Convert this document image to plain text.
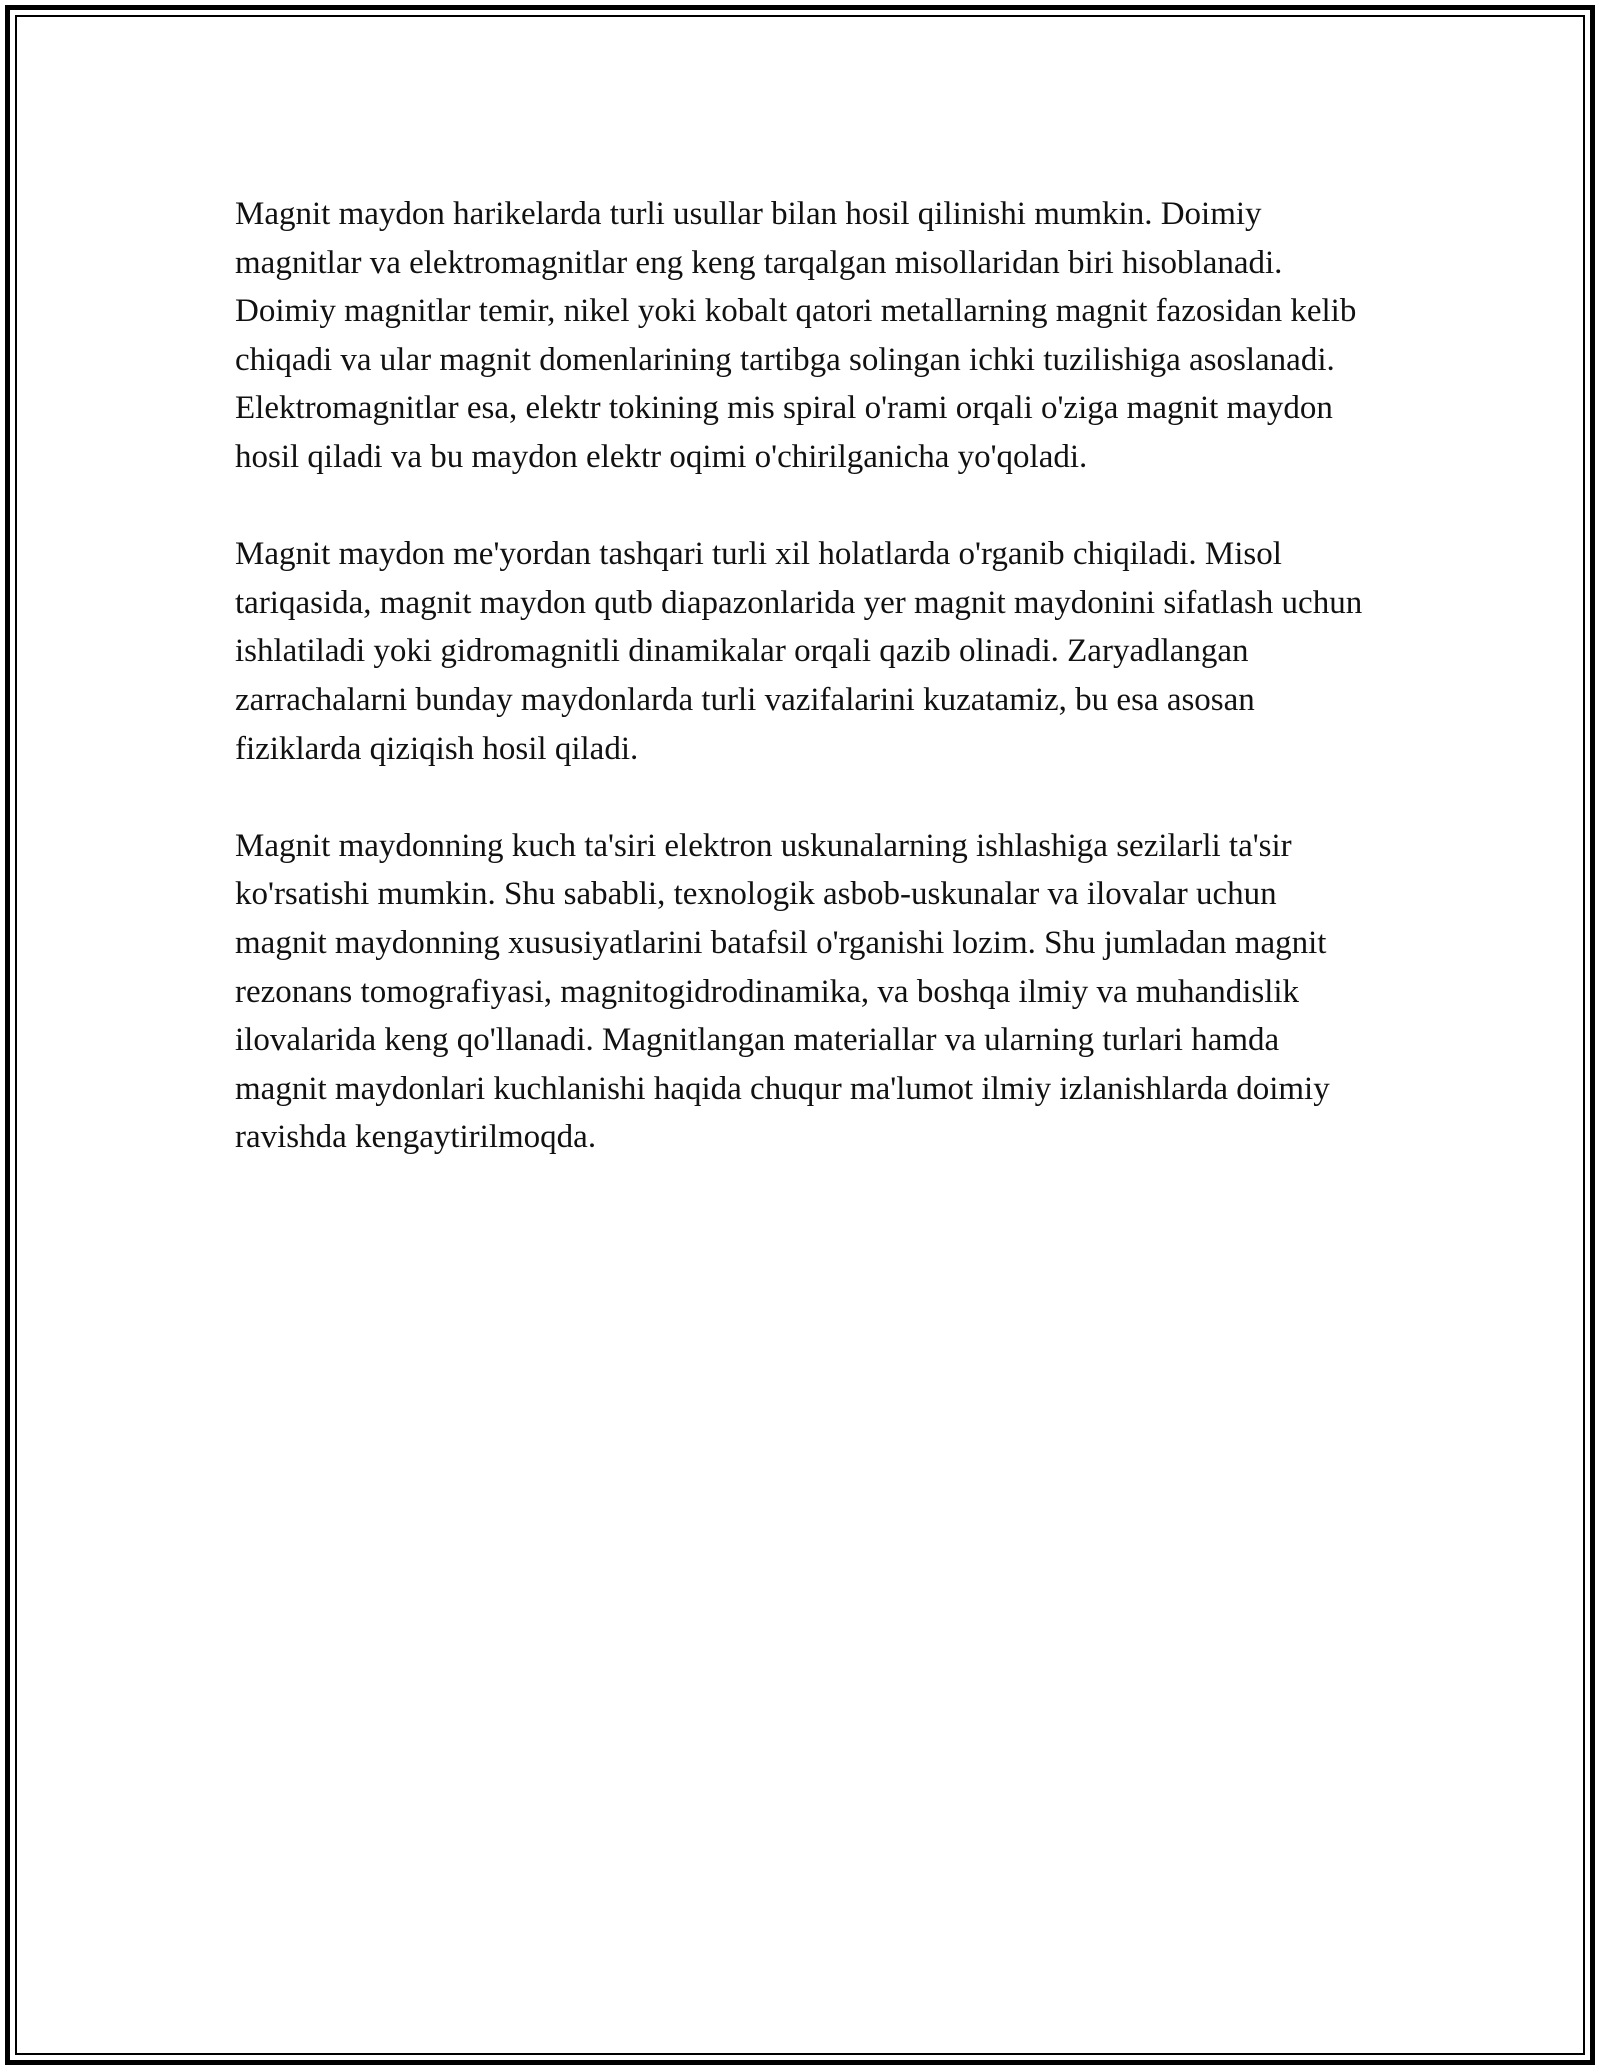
Magnit maydon harikelarda turli usullar bilan hosil qilinishi mumkin. Doimiy magnitlar va elektromagnitlar eng keng tarqalgan misollaridan biri hisoblanadi. Doimiy magnitlar temir, nikel yoki kobalt qatori metallarning magnit fazosidan kelib chiqadi va ular magnit domenlarining tartibga solingan ichki tuzilishiga asoslanadi. Elektromagnitlar esa, elektr tokining mis spiral o'rami orqali o'ziga magnit maydon hosil qiladi va bu maydon elektr oqimi o'chirilganicha yo'qoladi.

Magnit maydon me'yordan tashqari turli xil holatlarda o'rganib chiqiladi. Misol tariqasida, magnit maydon qutb diapazonlarida yer magnit maydonini sifatlash uchun ishlatiladi yoki gidromagnitli dinamikalar orqali qazib olinadi. Zaryadlangan zarrachalarni bunday maydonlarda turli vazifalarini kuzatamiz, bu esa asosan fiziklarda qiziqish hosil qiladi.

Magnit maydonning kuch ta'siri elektron uskunalarning ishlashiga sezilarli ta'sir ko'rsatishi mumkin. Shu sababli, texnologik asbob-uskunalar va ilovalar uchun magnit maydonning xususiyatlarini batafsil o'rganishi lozim. Shu jumladan magnit rezonans tomografiyasi, magnitogidrodinamika, va boshqa ilmiy va muhandislik ilovalarida keng qo'llanadi. Magnitlangan materiallar va ularning turlari hamda magnit maydonlari kuchlanishi haqida chuqur ma'lumot ilmiy izlanishlarda doimiy ravishda kengaytirilmoqda.
